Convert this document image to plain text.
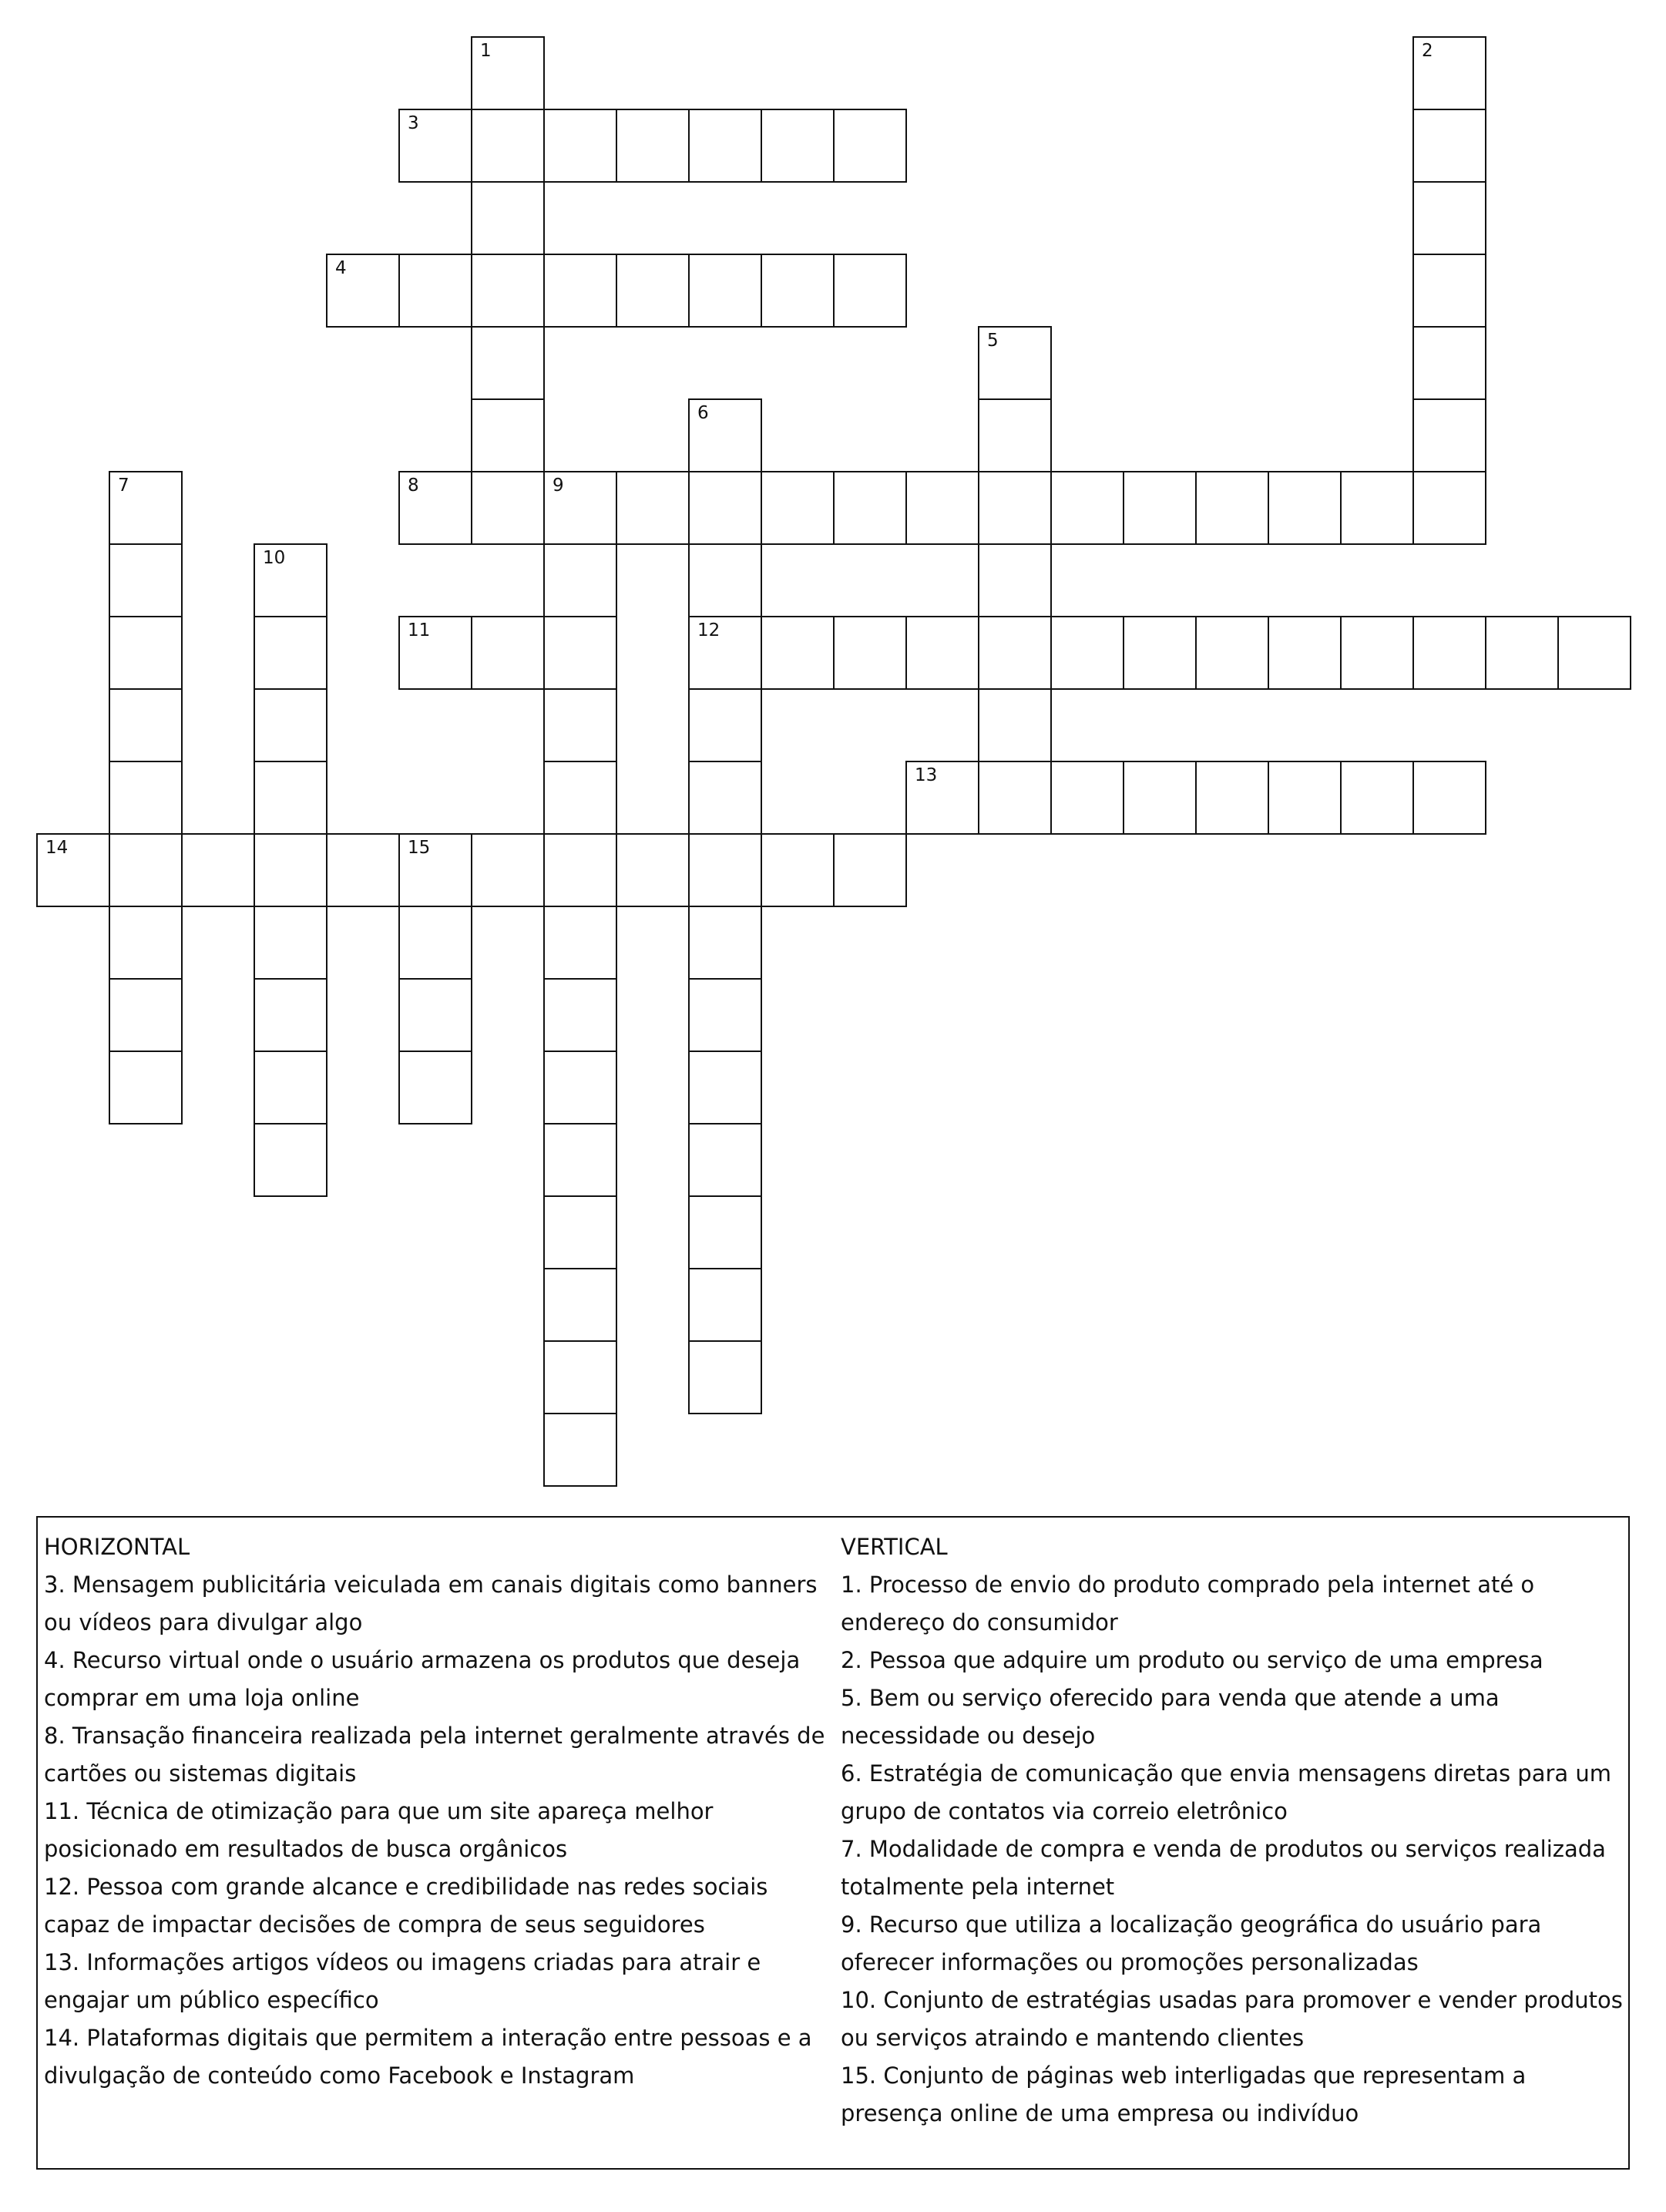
1	2
3
4
5
6
12
7	8	9
10
11
13
14	15

HORIZONTAL

3. Mensagem publicitária veiculada em canais digitais como banners ou vídeos para divulgar algo

4. Recurso virtual onde o usuário armazena os produtos que deseja comprar em uma loja online

8. Transação financeira realizada pela internet geralmente através de cartões ou sistemas digitais

11. Técnica de otimização para que um site apareça melhor posicionado em resultados de busca orgânicos

12. Pessoa com grande alcance e credibilidade nas redes sociais capaz de impactar decisões de compra de seus seguidores

13. Informações artigos vídeos ou imagens criadas para atrair e engajar um público específico

14. Plataformas digitais que permitem a interação entre pessoas e a divulgação de conteúdo como Facebook e Instagram

VERTICAL

1. Processo de envio do produto comprado pela internet até o endereço do consumidor

2. Pessoa que adquire um produto ou serviço de uma empresa

5. Bem ou serviço oferecido para venda que atende a uma necessidade ou desejo

6. Estratégia de comunicação que envia mensagens diretas para um grupo de contatos via correio eletrônico

7. Modalidade de compra e venda de produtos ou serviços realizada totalmente pela internet

9. Recurso que utiliza a localização geográfica do usuário para oferecer informações ou promoções personalizadas

10. Conjunto de estratégias usadas para promover e vender produtos ou serviços atraindo e mantendo clientes

15. Conjunto de páginas web interligadas que representam a presença online de uma empresa ou indivíduo
